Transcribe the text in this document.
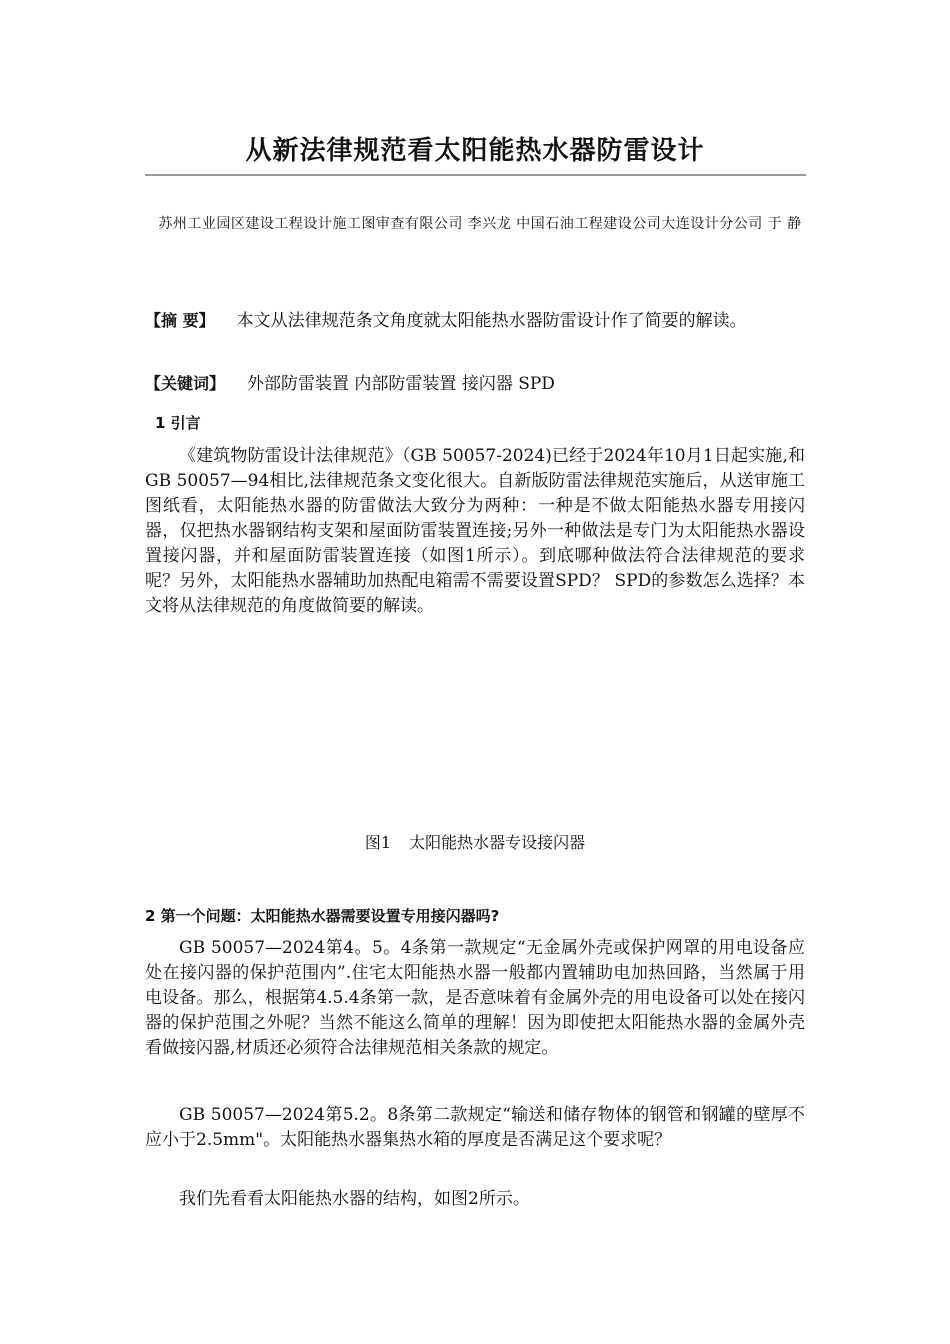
从新法律规范看太阳能热水器防雷设计
苏州工业园区建设工程设计施工图审查有限公司 李兴龙 中国石油工程建设公司大连设计分公司 于 静

【摘 要】 本文从法律规范条文角度就太阳能热水器防雷设计作了简要的解读。

【关键词】 外部防雷装置 内部防雷装置 接闪器 SPD

1 引言

《建筑物防雷设计法律规范》（GB 50057-2024)已经于2024年10月1日起实施,和GB 50057—94相比,法律规范条文变化很大。自新版防雷法律规范实施后，从送审施工图纸看，太阳能热水器的防雷做法大致分为两种：一种是不做太阳能热水器专用接闪器，仅把热水器钢结构支架和屋面防雷装置连接;另外一种做法是专门为太阳能热水器设置接闪器，并和屋面防雷装置连接（如图1所示）。到底哪种做法符合法律规范的要求呢？另外，太阳能热水器辅助加热配电箱需不需要设置SPD？ SPD的参数怎么选择？本文将从法律规范的角度做简要的解读。

图1 太阳能热水器专设接闪器
2 第一个问题：太阳能热水器需要设置专用接闪器吗?

GB 50057—2024第4。5。4条第一款规定“无金属外壳或保护网罩的用电设备应处在接闪器的保护范围内”.住宅太阳能热水器一般都内置辅助电加热回路，当然属于用电设备。那么，根据第4.5.4条第一款，是否意味着有金属外壳的用电设备可以处在接闪器的保护范围之外呢？当然不能这么简单的理解！因为即使把太阳能热水器的金属外壳看做接闪器,材质还必须符合法律规范相关条款的规定。

GB 50057—2024第5.2。8条第二款规定“输送和储存物体的钢管和钢罐的壁厚不应小于2.5mm"。太阳能热水器集热水箱的厚度是否满足这个要求呢？

我们先看看太阳能热水器的结构，如图2所示。
